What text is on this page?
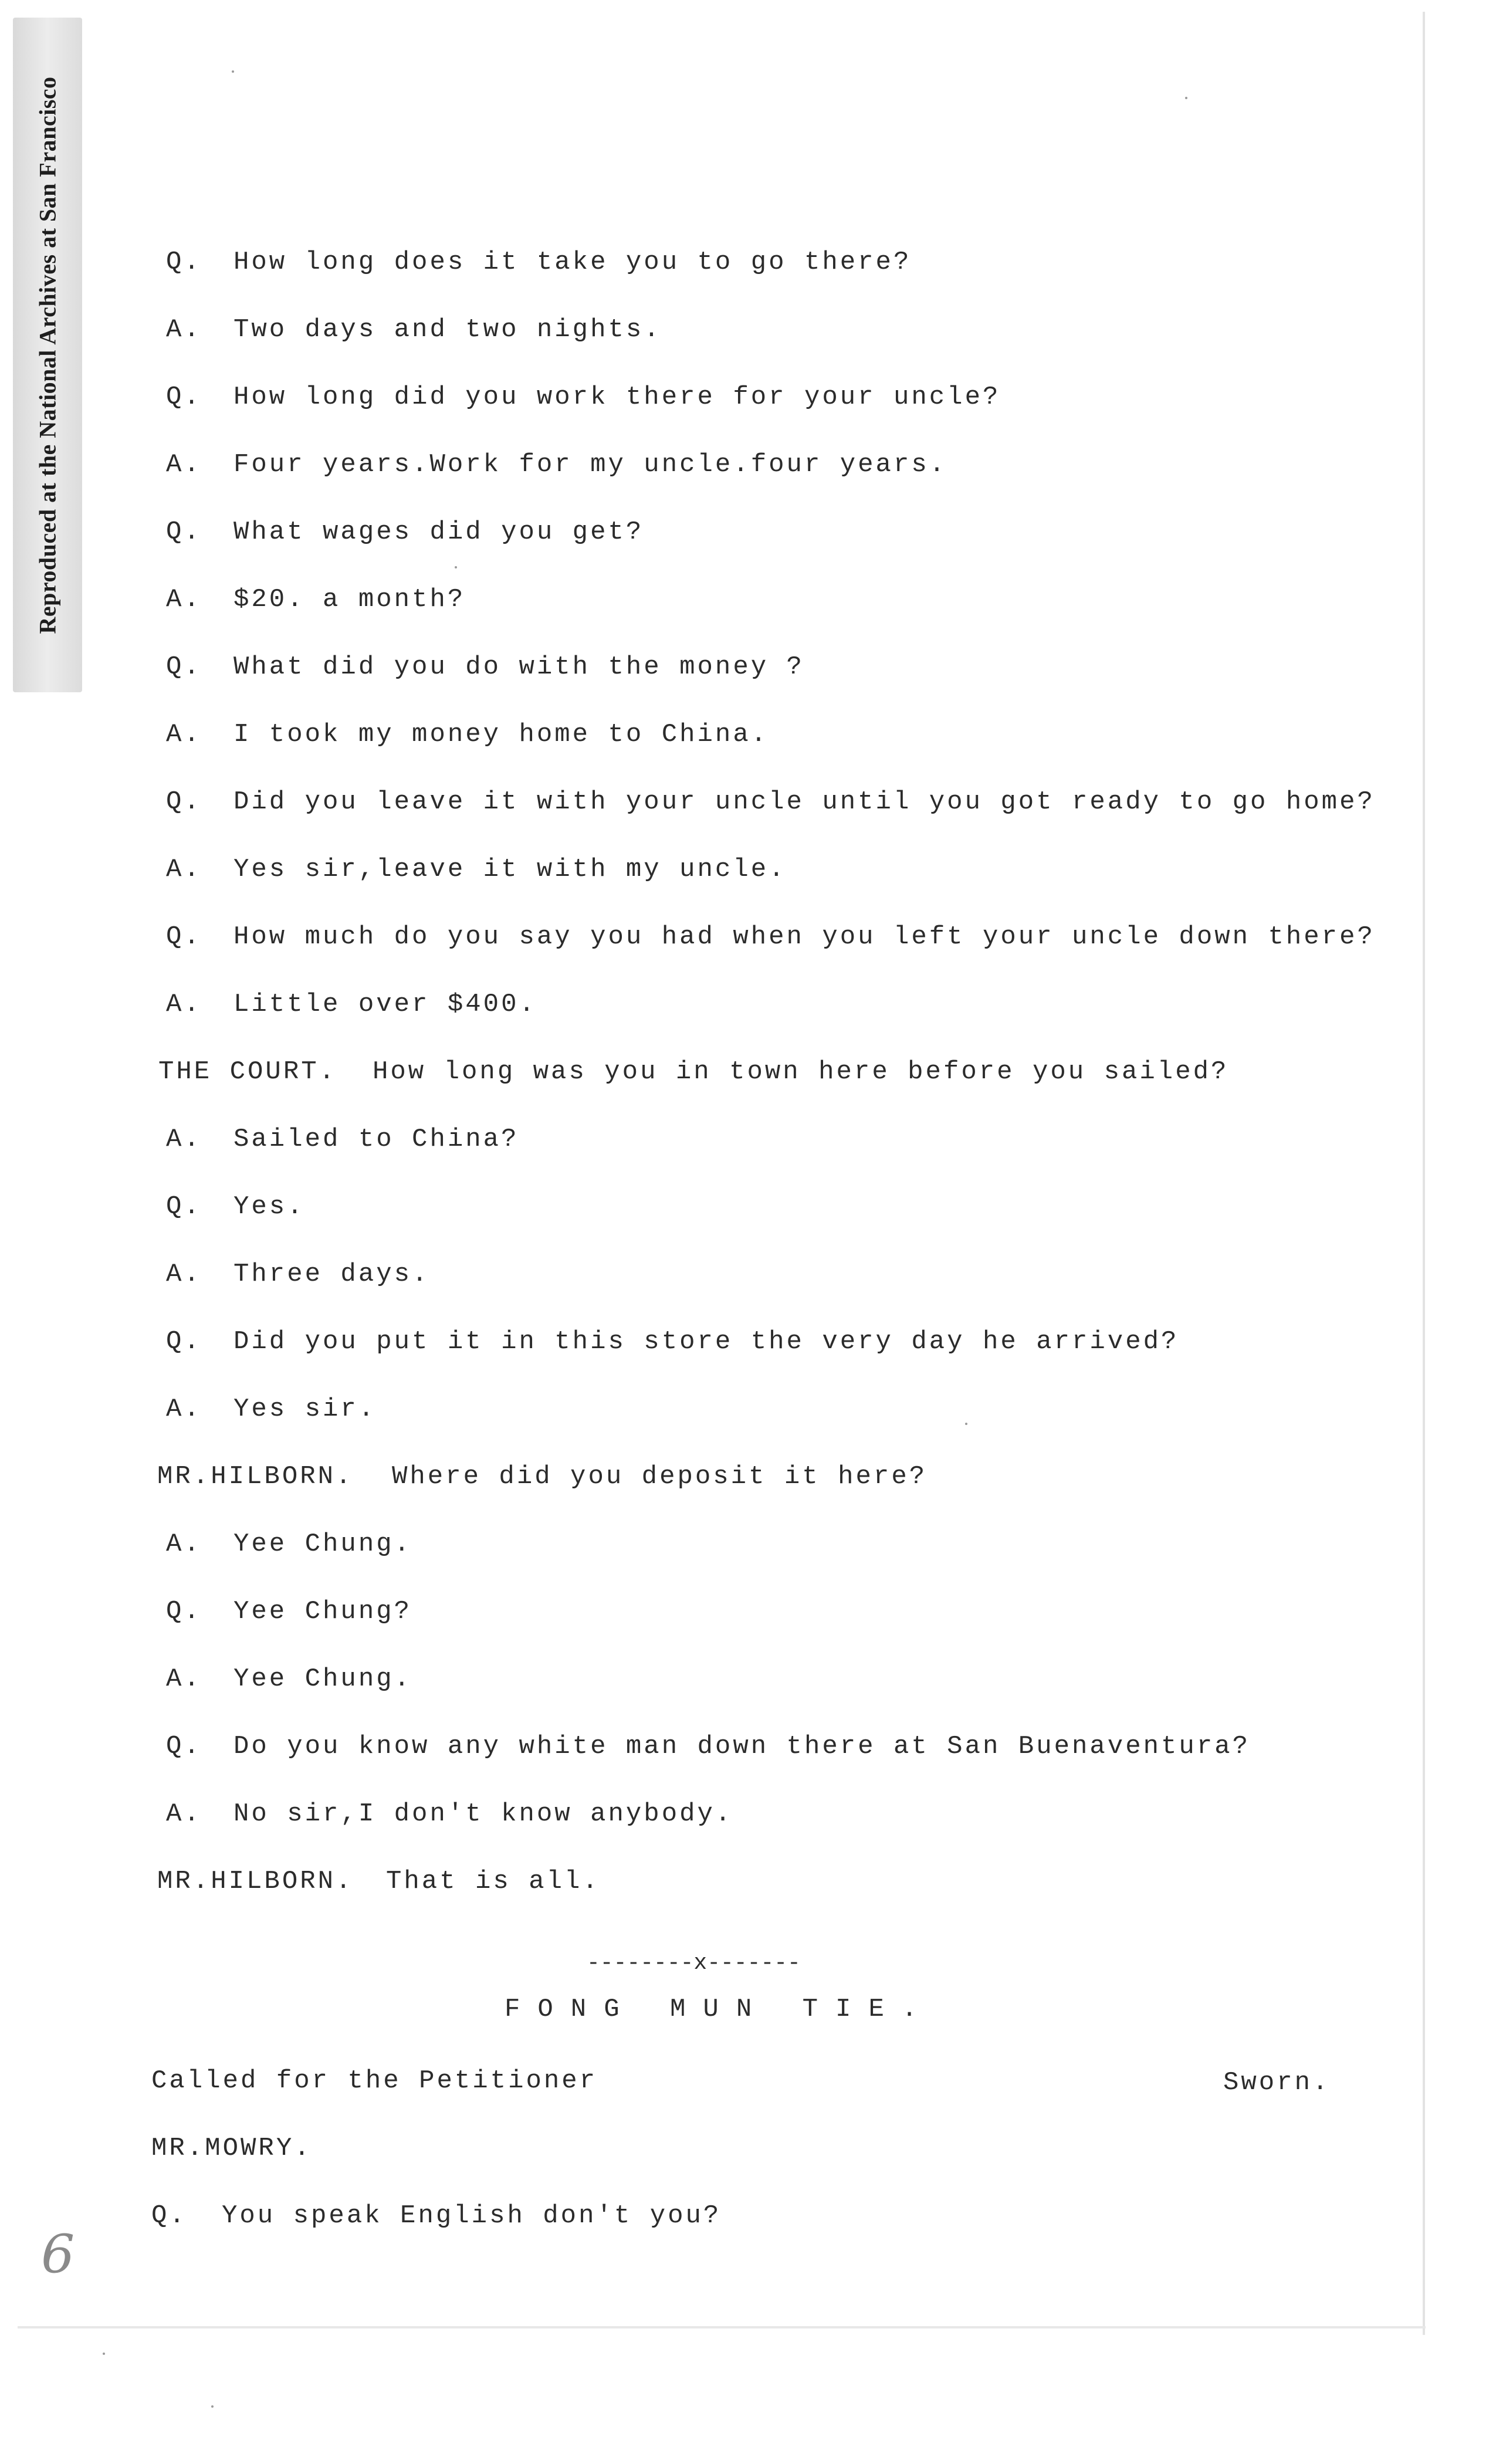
Reproduced at the National Archives at San Francisco	Q. How long does it take you to go there?
A. Two days and two nights.
Q. How long did you work there for your uncle?
A. Four years.Work for my uncle.four years.
Q. What wages did you get?
A. $20. a month?
Q. What did you do with the money ?
A. I took my money home to China.
Q. Did you leave it with your uncle until you got ready to go home?
A. Yes sir,leave it with my uncle.
Q. How much do you say you had when you left your uncle down there?
A. Little over $400.
THE COURT. How long was you in town here before you sailed?
A. Sailed to China?
Q. Yes.
A. Three days.
Q. Did you put it in this store the very day he arrived?
A. Yes sir.
MR.HILBORN. Where did you deposit it here?
A. Yee Chung.
Q. Yee Chung?
A. Yee Chung.
Q. Do you know any white man down there at San Buenaventura?
A. No sir,I don't know anybody.
MR.HILBORN. That is all.
--------x-------
FONG MUN TIE.
Called for the Petitioner	Sworn.
MR.MOWRY.
Q. You speak English don't you?
6
